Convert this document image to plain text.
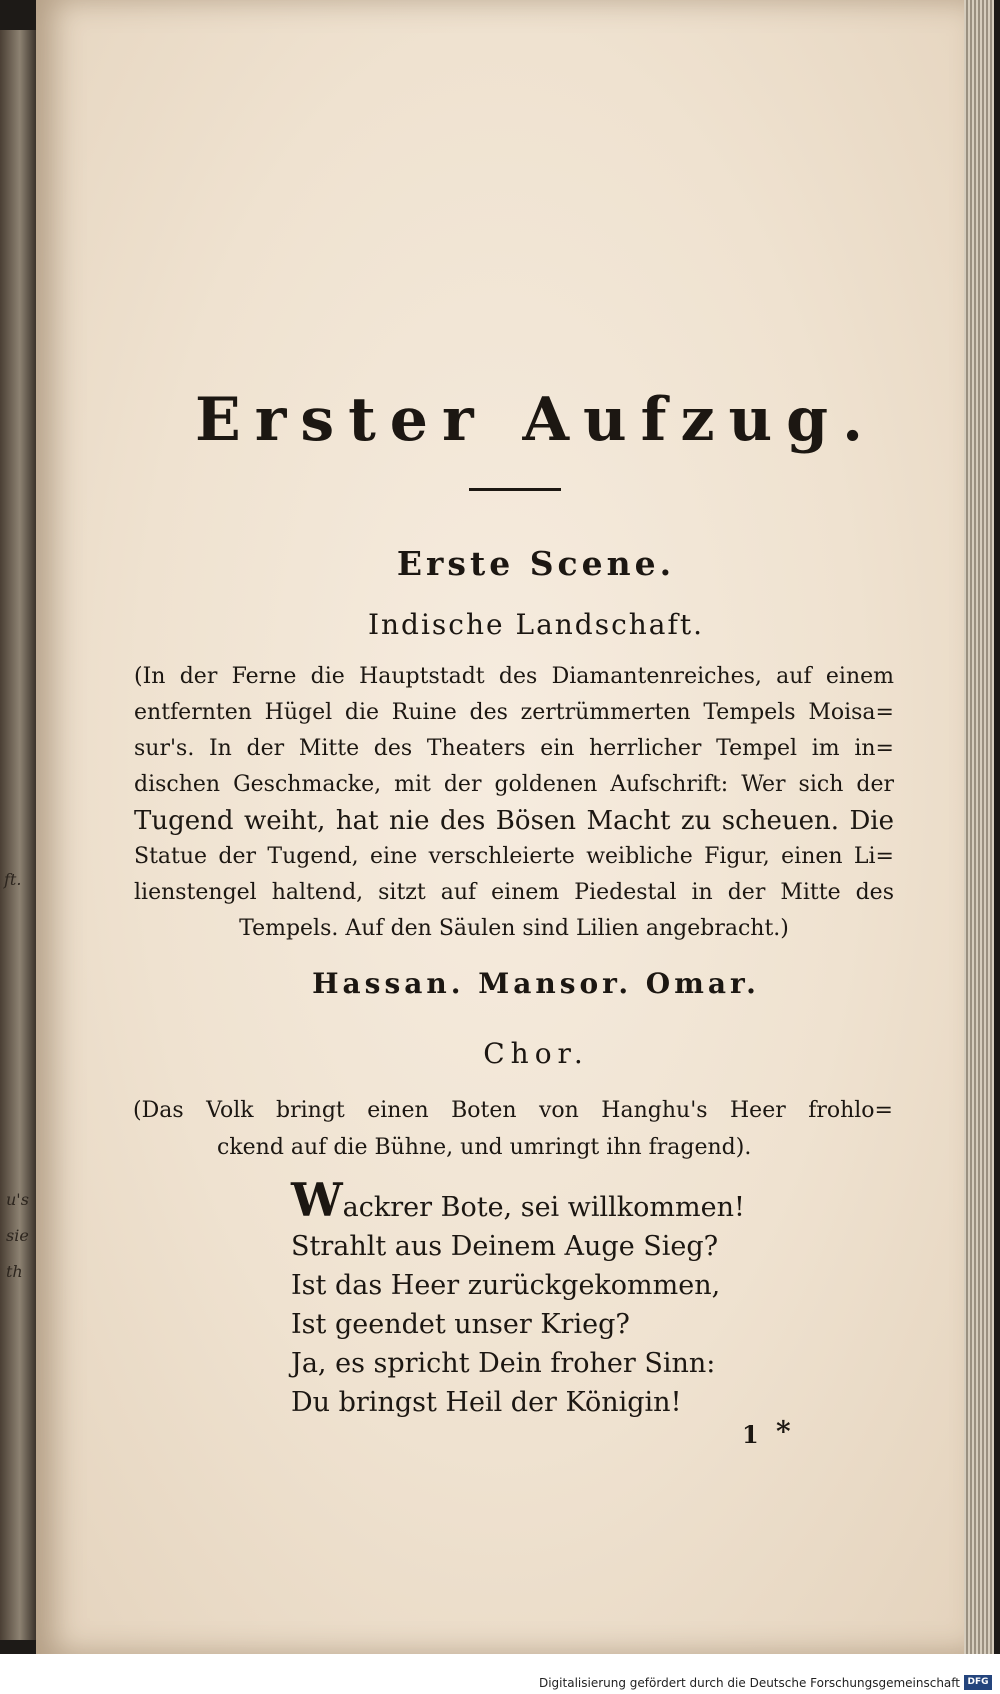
ft.
u's
sie
th
Erster Aufzug.
Erste Scene.
Indische Landschaft.
(In der Ferne die Hauptstadt des Diamantenreiches, auf einem
entfernten Hügel die Ruine des zertrümmerten Tempels Moisa=
sur's. In der Mitte des Theaters ein herrlicher Tempel im in=
dischen Geschmacke, mit der goldenen Aufschrift: Wer sich der
Tugend weiht, hat nie des Bösen Macht zu scheuen. Die
Statue der Tugend, eine verschleierte weibliche Figur, einen Li=
lienstengel haltend, sitzt auf einem Piedestal in der Mitte des
Tempels. Auf den Säulen sind Lilien angebracht.)
Hassan. Mansor. Omar.
Chor.
(Das Volk bringt einen Boten von Hanghu's Heer frohlo=
ckend auf die Bühne, und umringt ihn fragend).
Wackrer Bote, sei willkommen!
Strahlt aus Deinem Auge Sieg?
Ist das Heer zurückgekommen,
Ist geendet unser Krieg?
Ja, es spricht Dein froher Sinn:
Du bringst Heil der Königin!
1 *
Digitalisierung gefördert durch die Deutsche Forschungsgemeinschaft DFG
